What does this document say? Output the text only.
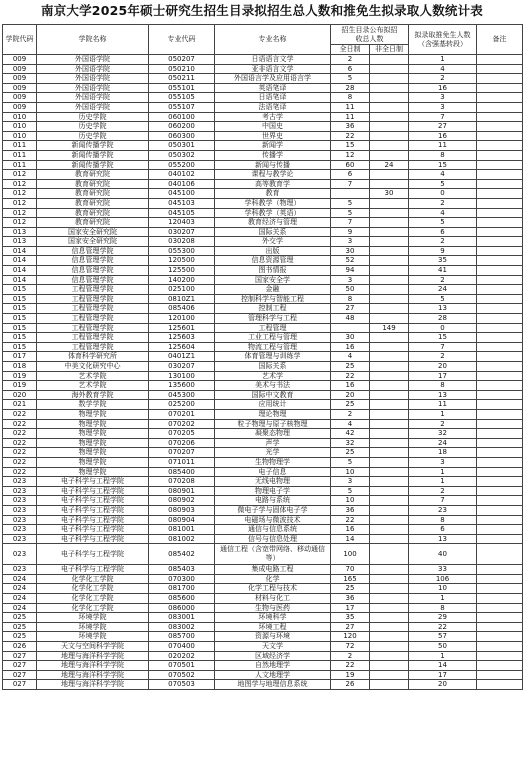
南京大学2025年硕士研究生招生目录拟招生总人数和推免生拟录取人数统计表
学院代码	学院名称	专业代码	专业名称	招生目录公布拟招收总人数		拟录取推免生人数（含强基转段）	备注
				全日制	非全日制		
009	外国语学院	050207	日语语言文学	2		1	
009	外国语学院	050210	亚非语言文学	6		4	
009	外国语学院	050211	外国语言学及应用语言学	5		2	
009	外国语学院	055101	英语笔译	28		16	
009	外国语学院	055105	日语笔译	8		3	
009	外国语学院	055107	法语笔译	11		3	
010	历史学院	060100	考古学	11		7	
010	历史学院	060200	中国史	36		27	
010	历史学院	060300	世界史	22		16	
011	新闻传播学院	050301	新闻学	15		11	
011	新闻传播学院	050302	传播学	12		8	
011	新闻传播学院	055200	新闻与传播	60	24	15	
012	教育研究院	040102	课程与教学论	6		4	
012	教育研究院	040106	高等教育学	7		5	
012	教育研究院	045100	教育		30	0	
012	教育研究院	045103	学科教学（物理）	5		2	
012	教育研究院	045105	学科教学（英语）	5		4	
012	教育研究院	120403	教育经济与管理	7		5	
013	国家安全研究院	030207	国际关系	9		6	
013	国家安全研究院	030208	外交学	3		2	
014	信息管理学院	055300	出版	30		9	
014	信息管理学院	120500	信息资源管理	52		35	
014	信息管理学院	125500	图书情报	94		41	
014	信息管理学院	140200	国家安全学	3		2	
015	工程管理学院	025100	金融	50		24	
015	工程管理学院	0810Z1	控制科学与智能工程	8		5	
015	工程管理学院	085406	控制工程	27		13	
015	工程管理学院	120100	管理科学与工程	48		28	
015	工程管理学院	125601	工程管理		149	0	
015	工程管理学院	125603	工业工程与管理	30		15	
015	工程管理学院	125604	物流工程与管理	16		7	
017	体育科学研究所	0401Z1	体育管理与训练学	4		2	
018	中美文化研究中心	030207	国际关系	25		20	
019	艺术学院	130100	艺术学	22		17	
019	艺术学院	135600	美术与书法	16		8	
020	海外教育学院	045300	国际中文教育	20		13	
021	数学学院	025200	应用统计	25		11	
022	物理学院	070201	理论物理	2		1	
022	物理学院	070202	粒子物理与原子核物理	4		2	
022	物理学院	070205	凝聚态物理	42		32	
022	物理学院	070206	声学	32		24	
022	物理学院	070207	光学	25		18	
022	物理学院	071011	生物物理学	5		3	
022	物理学院	085400	电子信息	10		1	
023	电子科学与工程学院	070208	无线电物理	3		1	
023	电子科学与工程学院	080901	物理电子学	5		2	
023	电子科学与工程学院	080902	电路与系统	10		7	
023	电子科学与工程学院	080903	微电子学与固体电子学	36		23	
023	电子科学与工程学院	080904	电磁场与微波技术	22		8	
023	电子科学与工程学院	081001	通信与信息系统	16		6	
023	电子科学与工程学院	081002	信号与信息处理	14		13	
023	电子科学与工程学院	085402	通信工程（含宽带网络、移动通信等）	100		40	
023	电子科学与工程学院	085403	集成电路工程	70		33	
024	化学化工学院	070300	化学	165		106	
024	化学化工学院	081700	化学工程与技术	25		10	
024	化学化工学院	085600	材料与化工	36		1	
024	化学化工学院	086000	生物与医药	17		8	
025	环境学院	083001	环境科学	35		29	
025	环境学院	083002	环境工程	27		22	
025	环境学院	085700	资源与环境	120		57	
026	天文与空间科学学院	070400	天文学	72		50	
027	地理与海洋科学学院	020202	区域经济学	2		1	
027	地理与海洋科学学院	070501	自然地理学	22		14	
027	地理与海洋科学学院	070502	人文地理学	19		17	
027	地理与海洋科学学院	070503	地图学与地理信息系统	26		20	
